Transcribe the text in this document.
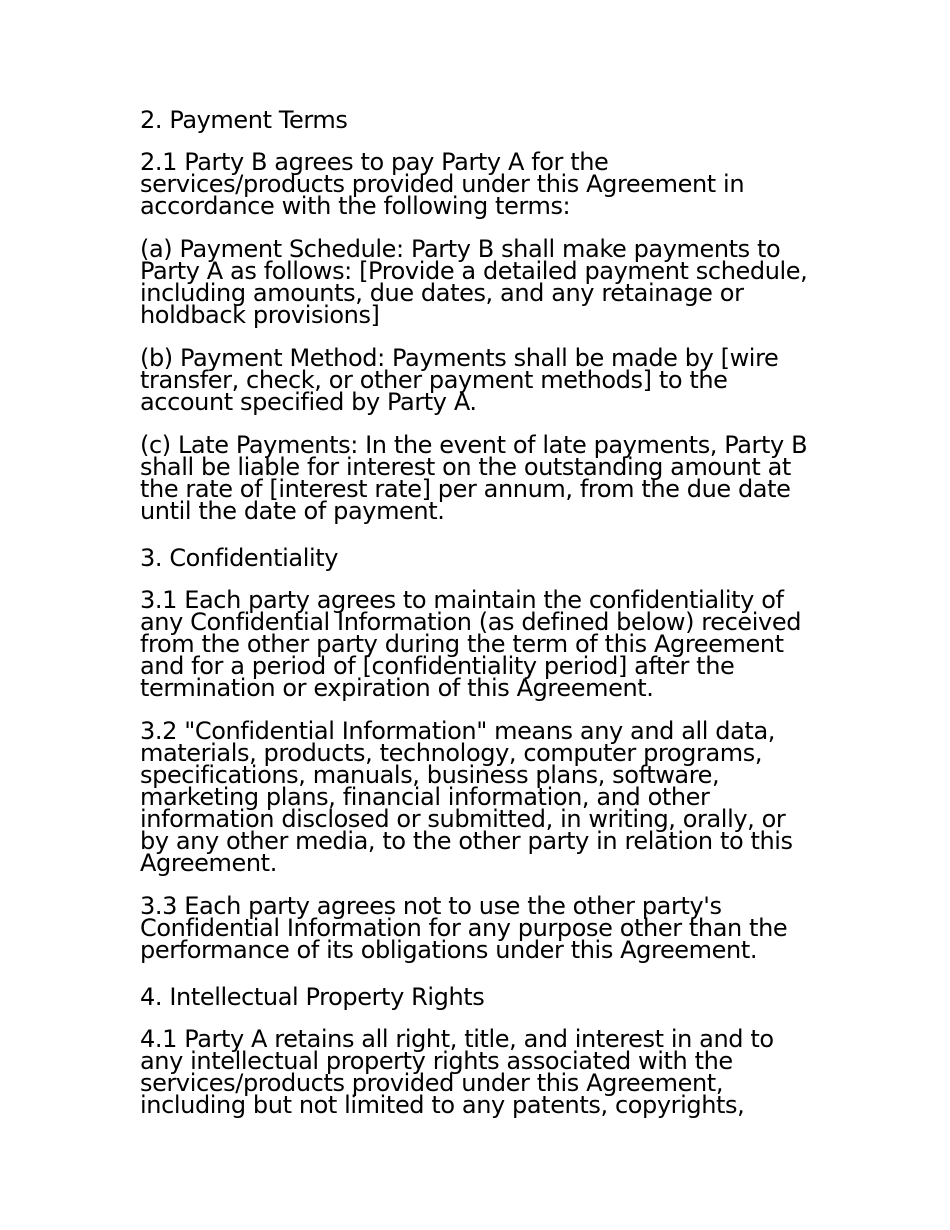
2. Payment Terms
2.1 Party B agrees to pay Party A for the services/products provided under this Agreement in accordance with the following terms:
(a) Payment Schedule: Party B shall make payments to Party A as follows: [Provide a detailed payment schedule, including amounts, due dates, and any retainage or holdback provisions]
(b) Payment Method: Payments shall be made by [wire transfer, check, or other payment methods] to the account specified by Party A.
(c) Late Payments: In the event of late payments, Party B shall be liable for interest on the outstanding amount at the rate of [interest rate] per annum, from the due date until the date of payment.
3. Confidentiality
3.1 Each party agrees to maintain the confidentiality of any Confidential Information (as defined below) received from the other party during the term of this Agreement and for a period of [confidentiality period] after the termination or expiration of this Agreement.
3.2 "Confidential Information" means any and all data, materials, products, technology, computer programs, specifications, manuals, business plans, software, marketing plans, financial information, and other information disclosed or submitted, in writing, orally, or by any other media, to the other party in relation to this Agreement.
3.3 Each party agrees not to use the other party's Confidential Information for any purpose other than the performance of its obligations under this Agreement.
4. Intellectual Property Rights
4.1 Party A retains all right, title, and interest in and to any intellectual property rights associated with the services/products provided under this Agreement, including but not limited to any patents, copyrights,
